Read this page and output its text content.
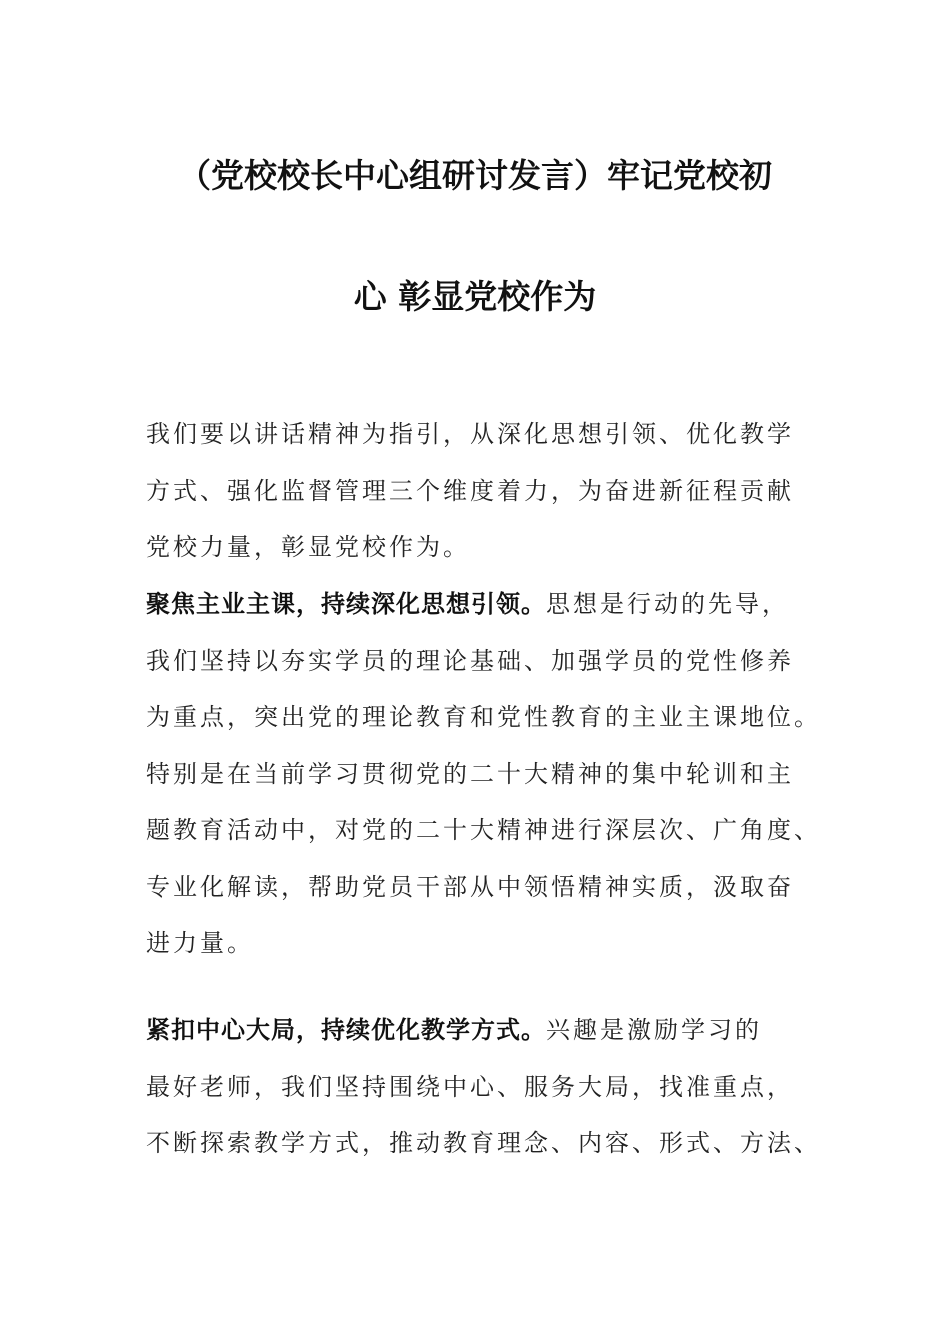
（党校校长中心组研讨发言）牢记党校初
心 彰显党校作为
我们要以讲话精神为指引，从深化思想引领、优化教学
方式、强化监督管理三个维度着力，为奋进新征程贡献
党校力量，彰显党校作为。
聚焦主业主课，持续深化思想引领。思想是行动的先导，
我们坚持以夯实学员的理论基础、加强学员的党性修养
为重点，突出党的理论教育和党性教育的主业主课地位。
特别是在当前学习贯彻党的二十大精神的集中轮训和主
题教育活动中，对党的二十大精神进行深层次、广角度、
专业化解读，帮助党员干部从中领悟精神实质，汲取奋
进力量。
紧扣中心大局，持续优化教学方式。兴趣是激励学习的
最好老师，我们坚持围绕中心、服务大局，找准重点，
不断探索教学方式，推动教育理念、内容、形式、方法、
